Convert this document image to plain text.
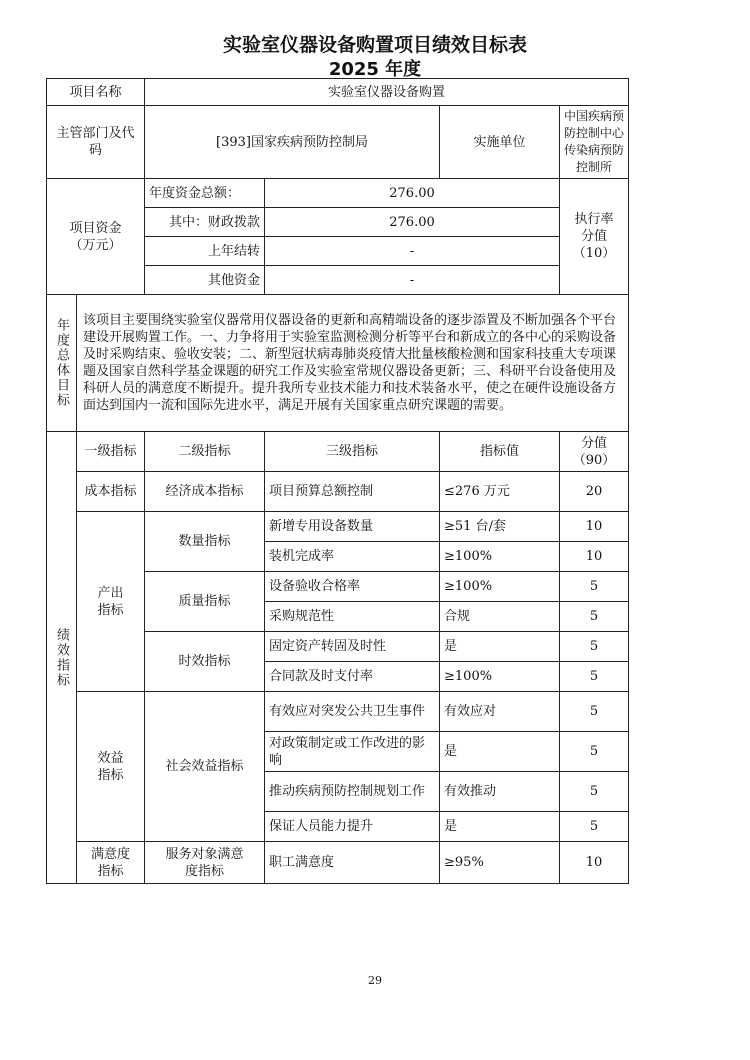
实验室仪器设备购置项目绩效目标表
2025 年度
项目名称		实验室仪器设备购置			
主管部门及代码		[393]国家疾病预防控制局		实施单位	中国疾病预防控制中心传染病预防控制所
项目资金（万元）		年度资金总额：	276.00		执行率分值（10）
		其中：财政拨款	276.00		
		上年结转	-		
		其他资金	-		
年度总体目标	该项目主要围绕实验室仪器常用仪器设备的更新和高精端设备的逐步添置及不断加强各个平台建设开展购置工作。一、力争将用于实验室监测检测分析等平台和新成立的各中心的采购设备及时采购结束、验收安装；二、新型冠状病毒肺炎疫情大批量核酸检测和国家科技重大专项课题及国家自然科学基金课题的研究工作及实验室常规仪器设备更新；三、科研平台设备使用及科研人员的满意度不断提升。提升我所专业技术能力和技术装备水平，使之在硬件设施设备方面达到国内一流和国际先进水平，满足开展有关国家重点研究课题的需要。				
绩效指标	一级指标	二级指标	三级指标	指标值	分值（90）
	成本指标	经济成本指标	项目预算总额控制	≤276 万元	20
	产出指标	数量指标	新增专用设备数量	≥51 台/套	10
			装机完成率	≥100%	10
		质量指标	设备验收合格率	≥100%	5
			采购规范性	合规	5
		时效指标	固定资产转固及时性	是	5
			合同款及时支付率	≥100%	5
	效益指标	社会效益指标	有效应对突发公共卫生事件	有效应对	5
			对政策制定或工作改进的影响	是	5
			推动疾病预防控制规划工作	有效推动	5
			保证人员能力提升	是	5
	满意度指标	服务对象满意度指标	职工满意度	≥95%	10
29
